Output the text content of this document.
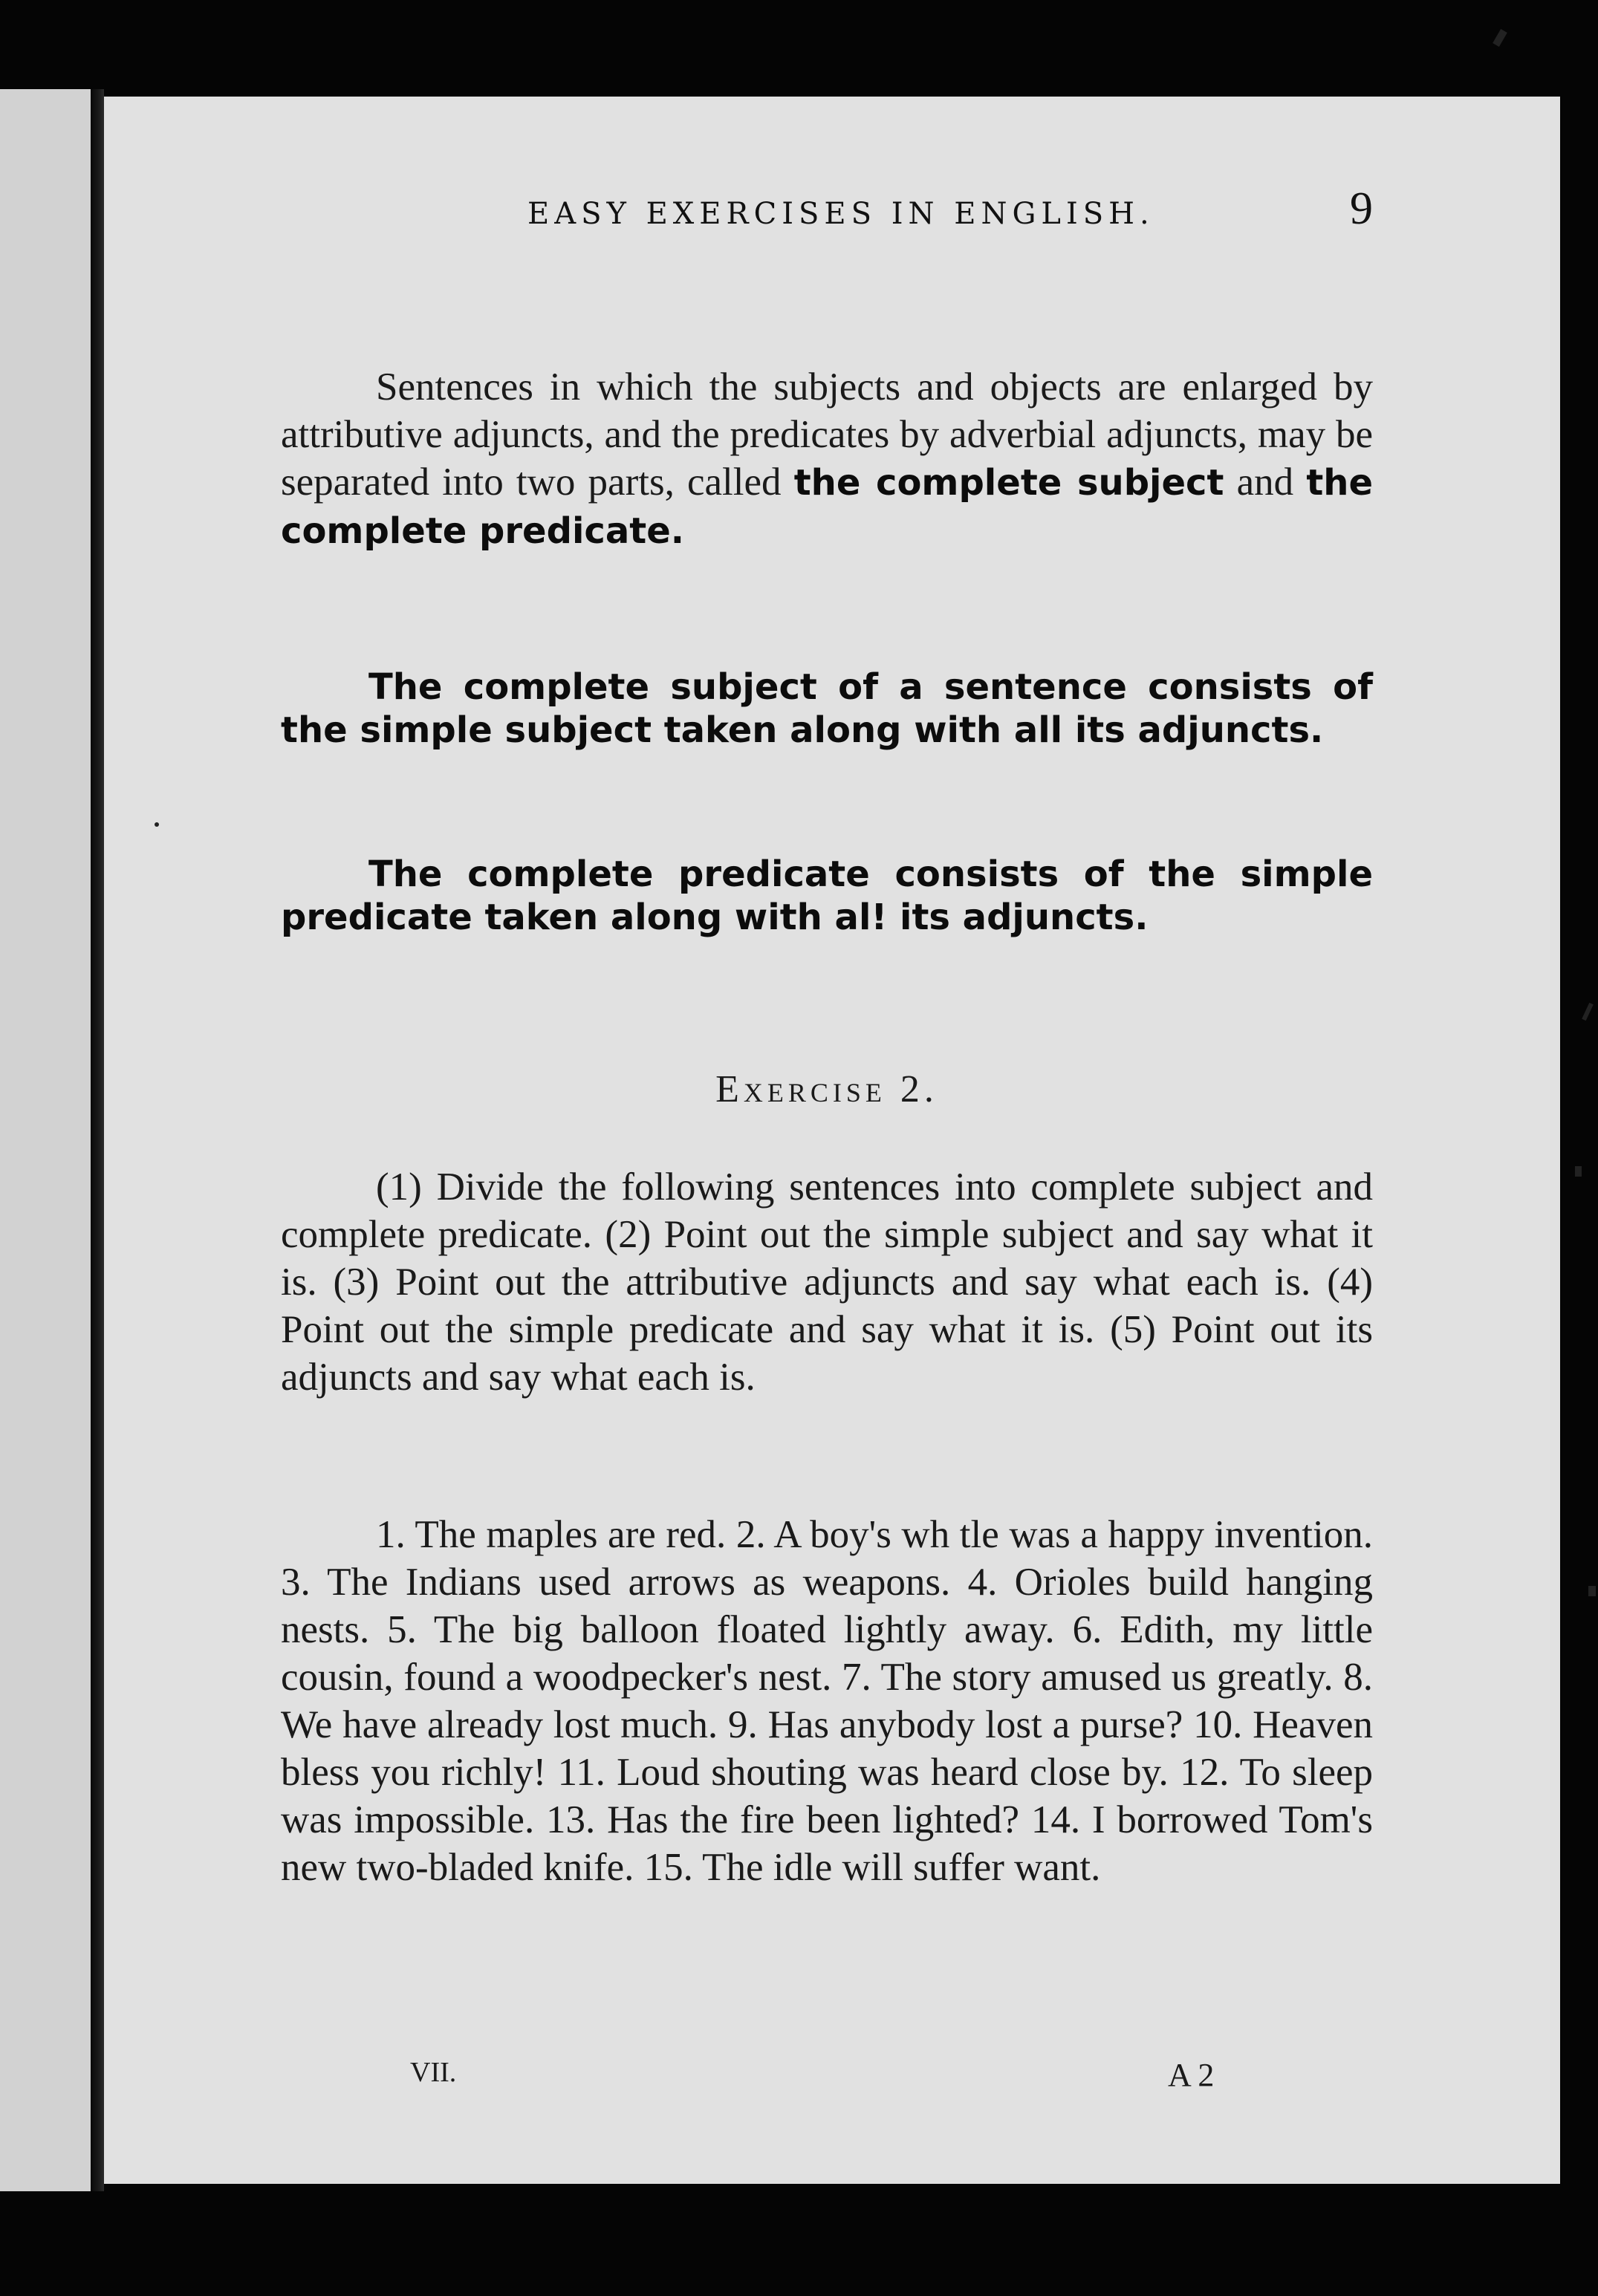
EASY EXERCISES IN ENGLISH.	9

Sentences in which the subjects and objects are enlarged by attributive adjuncts, and the predicates by adverbial adjuncts, may be separated into two parts, called the complete subject and the complete predicate.

The complete subject of a sentence consists of the simple subject taken along with all its adjuncts.

The complete predicate consists of the simple predicate taken along with al! its adjuncts.

Exercise 2.

(1) Divide the following sentences into complete subject and complete predicate. (2) Point out the simple subject and say what it is. (3) Point out the attributive adjuncts and say what each is. (4) Point out the simple predicate and say what it is. (5) Point out its adjuncts and say what each is.

1. The maples are red. 2. A boy's wh tle was a happy invention. 3. The Indians used arrows as weapons. 4. Orioles build hanging nests. 5. The big balloon floated lightly away. 6. Edith, my little cousin, found a woodpecker's nest. 7. The story amused us greatly. 8. We have already lost much. 9. Has anybody lost a purse? 10. Heaven bless you richly! 11. Loud shouting was heard close by. 12. To sleep was impossible. 13. Has the fire been lighted? 14. I borrowed Tom's new two-bladed knife. 15. The idle will suffer want.

VII.	A 2
